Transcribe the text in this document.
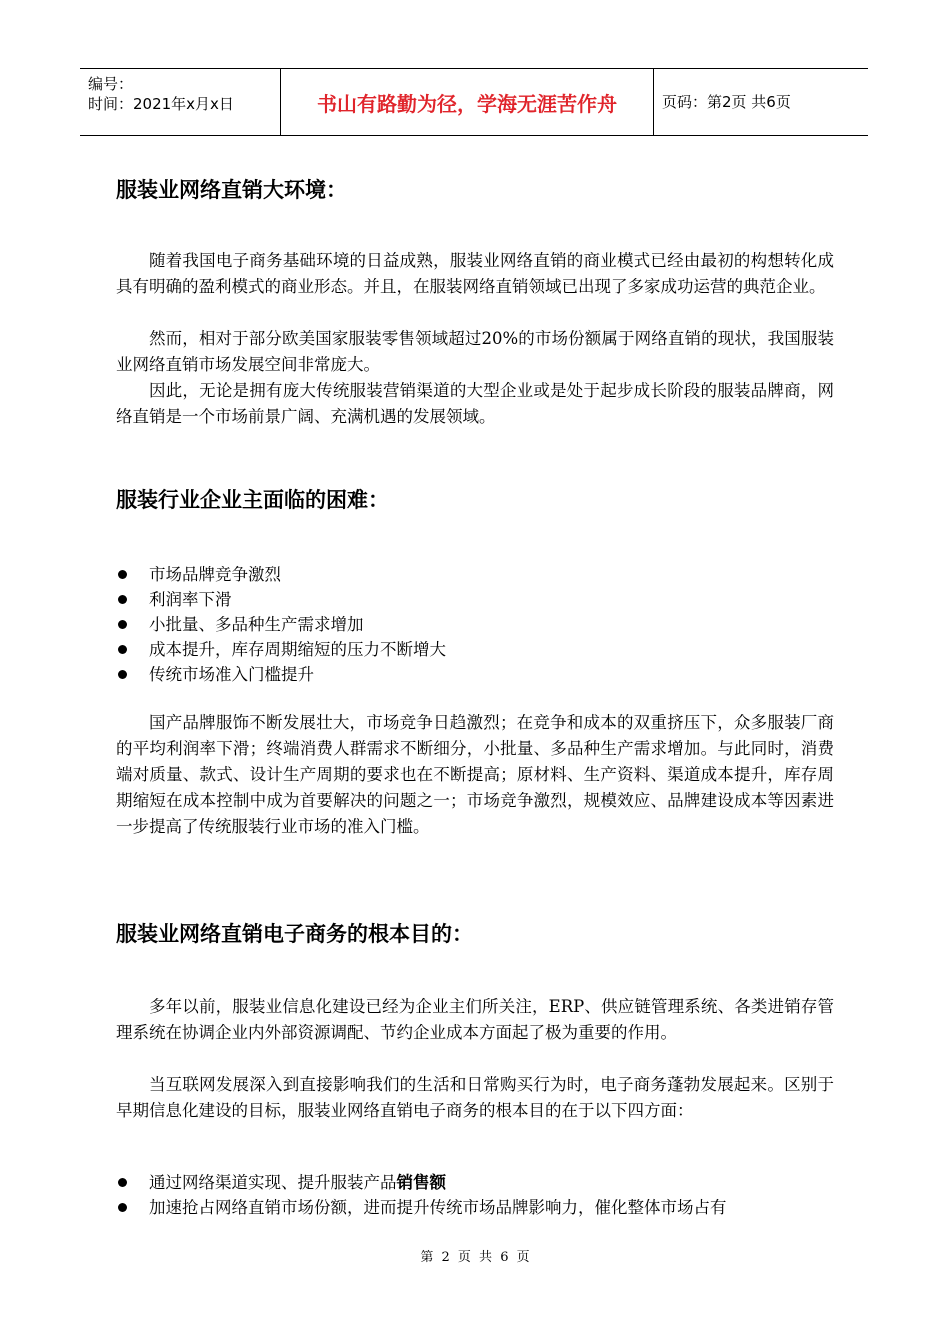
编号：
时间：2021年x月x日	书山有路勤为径，学海无涯苦作舟	页码：第2页 共6页
服装业网络直销大环境：

随着我国电子商务基础环境的日益成熟，服装业网络直销的商业模式已经由最初的构想转化成具有明确的盈利模式的商业形态。并且，在服装网络直销领域已出现了多家成功运营的典范企业。

然而，相对于部分欧美国家服装零售领域超过20%的市场份额属于网络直销的现状，我国服装业网络直销市场发展空间非常庞大。

因此，无论是拥有庞大传统服装营销渠道的大型企业或是处于起步成长阶段的服装品牌商，网络直销是一个市场前景广阔、充满机遇的发展领域。

服装行业企业主面临的困难：
市场品牌竞争激烈
利润率下滑
小批量、多品种生产需求增加
成本提升，库存周期缩短的压力不断增大
传统市场准入门槛提升

国产品牌服饰不断发展壮大，市场竞争日趋激烈；在竞争和成本的双重挤压下，众多服装厂商的平均利润率下滑；终端消费人群需求不断细分，小批量、多品种生产需求增加。与此同时，消费端对质量、款式、设计生产周期的要求也在不断提高；原材料、生产资料、渠道成本提升，库存周期缩短在成本控制中成为首要解决的问题之一；市场竞争激烈，规模效应、品牌建设成本等因素进一步提高了传统服装行业市场的准入门槛。

服装业网络直销电子商务的根本目的：

多年以前，服装业信息化建设已经为企业主们所关注，ERP、供应链管理系统、各类进销存管理系统在协调企业内外部资源调配、节约企业成本方面起了极为重要的作用。

当互联网发展深入到直接影响我们的生活和日常购买行为时，电子商务蓬勃发展起来。区别于早期信息化建设的目标，服装业网络直销电子商务的根本目的在于以下四方面：

通过网络渠道实现、提升服装产品销售额
加速抢占网络直销市场份额，进而提升传统市场品牌影响力，催化整体市场占有
第 2 页 共 6 页
